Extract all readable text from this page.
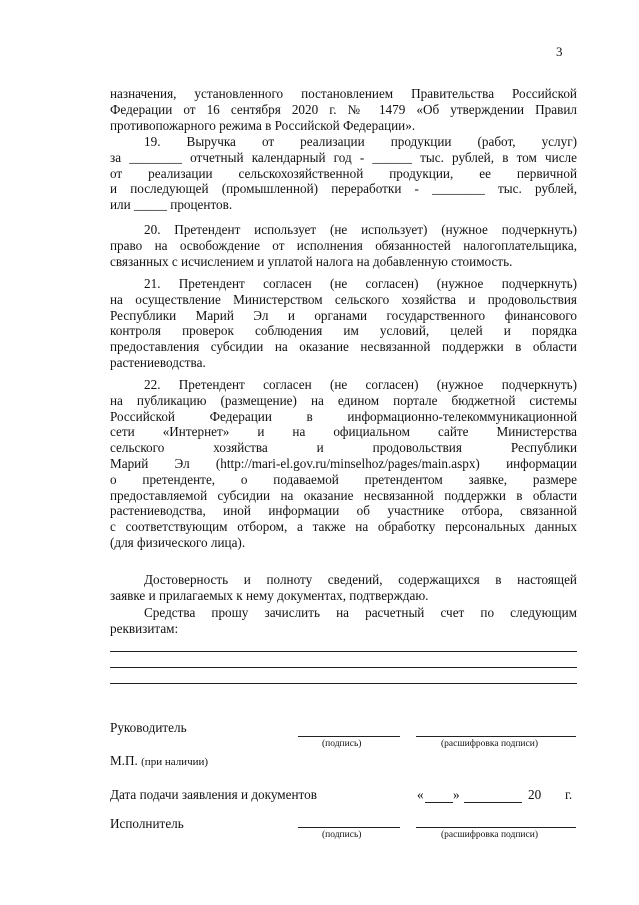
3

назначения, установленного постановлением Правительства Российской

Федерации от 16 сентября 2020 г. № 1479 «Об утверждении Правил

противопожарного режима в Российской Федерации».

19. Выручка от реализации продукции (работ, услуг)

за ________ отчетный календарный год - ______ тыс. рублей, в том числе

от реализации сельскохозяйственной продукции, ее первичной

и последующей (промышленной) переработки - ________ тыс. рублей,

или _____ процентов.

20. Претендент использует (не использует) (нужное подчеркнуть)

право на освобождение от исполнения обязанностей налогоплательщика,

связанных с исчислением и уплатой налога на добавленную стоимость.

21. Претендент согласен (не согласен) (нужное подчеркнуть)

на осуществление Министерством сельского хозяйства и продовольствия

Республики Марий Эл и органами государственного финансового

контроля проверок соблюдения им условий, целей и порядка

предоставления субсидии на оказание несвязанной поддержки в области

растениеводства.

22. Претендент согласен (не согласен) (нужное подчеркнуть)

на публикацию (размещение) на едином портале бюджетной системы

Российской Федерации в информационно-телекоммуникационной

сети «Интернет» и на официальном сайте Министерства

сельского хозяйства и продовольствия Республики

Марий Эл (http://mari-el.gov.ru/minselhoz/pages/main.aspx) информации

о претенденте, о подаваемой претендентом заявке, размере

предоставляемой субсидии на оказание несвязанной поддержки в области

растениеводства, иной информации об участнике отбора, связанной

с соответствующим отбором, а также на обработку персональных данных

(для физического лица).

Достоверность и полноту сведений, содержащихся в настоящей

заявке и прилагаемых к нему документах, подтверждаю.

Средства прошу зачислить на расчетный счет по следующим

реквизитам:

Руководитель
(подпись)	(расшифровка подписи)
М.П. (при наличии)
Дата подачи заявления и документов	« »	20 г.
Исполнитель
(подпись)	(расшифровка подписи)
